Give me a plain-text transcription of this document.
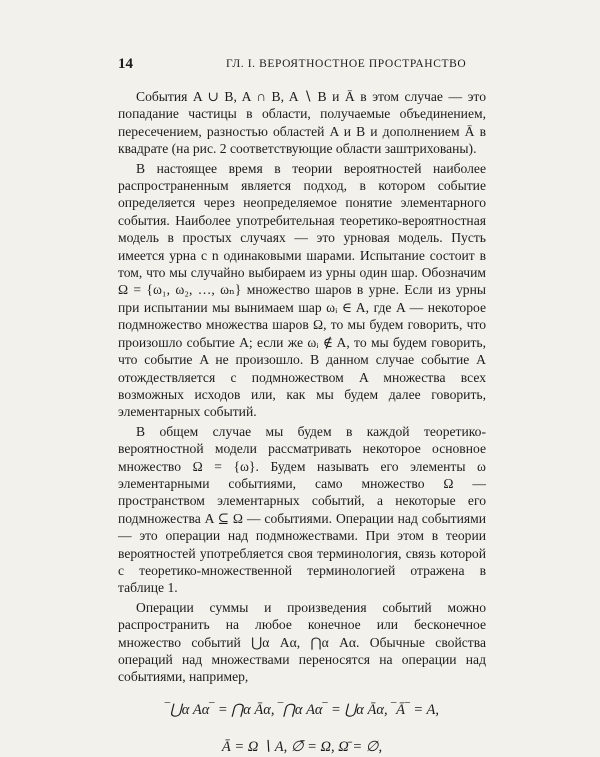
14	ГЛ. I. ВЕРОЯТНОСТНОЕ ПРОСТРАНСТВО

События A ∪ B, A ∩ B, A ∖ B и Ā в этом случае — это попадание частицы в области, получаемые объединением, пересечением, разностью областей A и B и дополнением Ā в квадрате (на рис. 2 соответствующие области заштрихованы).

В настоящее время в теории вероятностей наиболее распространенным является подход, в котором событие определяется через неопределяемое понятие элементарного события. Наиболее употребительная теоретико-вероятностная модель в простых случаях — это урновая модель. Пусть имеется урна с n одинаковыми шарами. Испытание состоит в том, что мы случайно выбираем из урны один шар. Обозначим Ω = {ω₁, ω₂, …, ωₙ} множество шаров в урне. Если из урны при испытании мы вынимаем шар ωᵢ ∈ A, где A — некоторое подмножество множества шаров Ω, то мы будем говорить, что произошло событие A; если же ωᵢ ∉ A, то мы будем говорить, что событие A не произошло. В данном случае событие A отождествляется с подмножеством A множества всех возможных исходов или, как мы будем далее говорить, элементарных событий.

В общем случае мы будем в каждой теоретико-вероятностной модели рассматривать некоторое основное множество Ω = {ω}. Будем называть его элементы ω элементарными событиями, само множество Ω — пространством элементарных событий, а некоторые его подмножества A ⊆ Ω — событиями. Операции над событиями — это операции над подмножествами. При этом в теории вероятностей употребляется своя терминология, связь которой с теоретико-множественной терминологией отражена в таблице 1.

Операции суммы и произведения событий можно распространить на любое конечное или бесконечное множество событий ⋃α Aα, ⋂α Aα. Обычные свойства операций над множествами переносятся на операции над событиями, например,

‾⋃α Aα‾ = ⋂α Āα, ‾⋂α Aα‾ = ⋃α Āα, ‾Ā‾ = A,

Ā = Ω ∖ A, ∅̄ = Ω, Ω̄ = ∅,
